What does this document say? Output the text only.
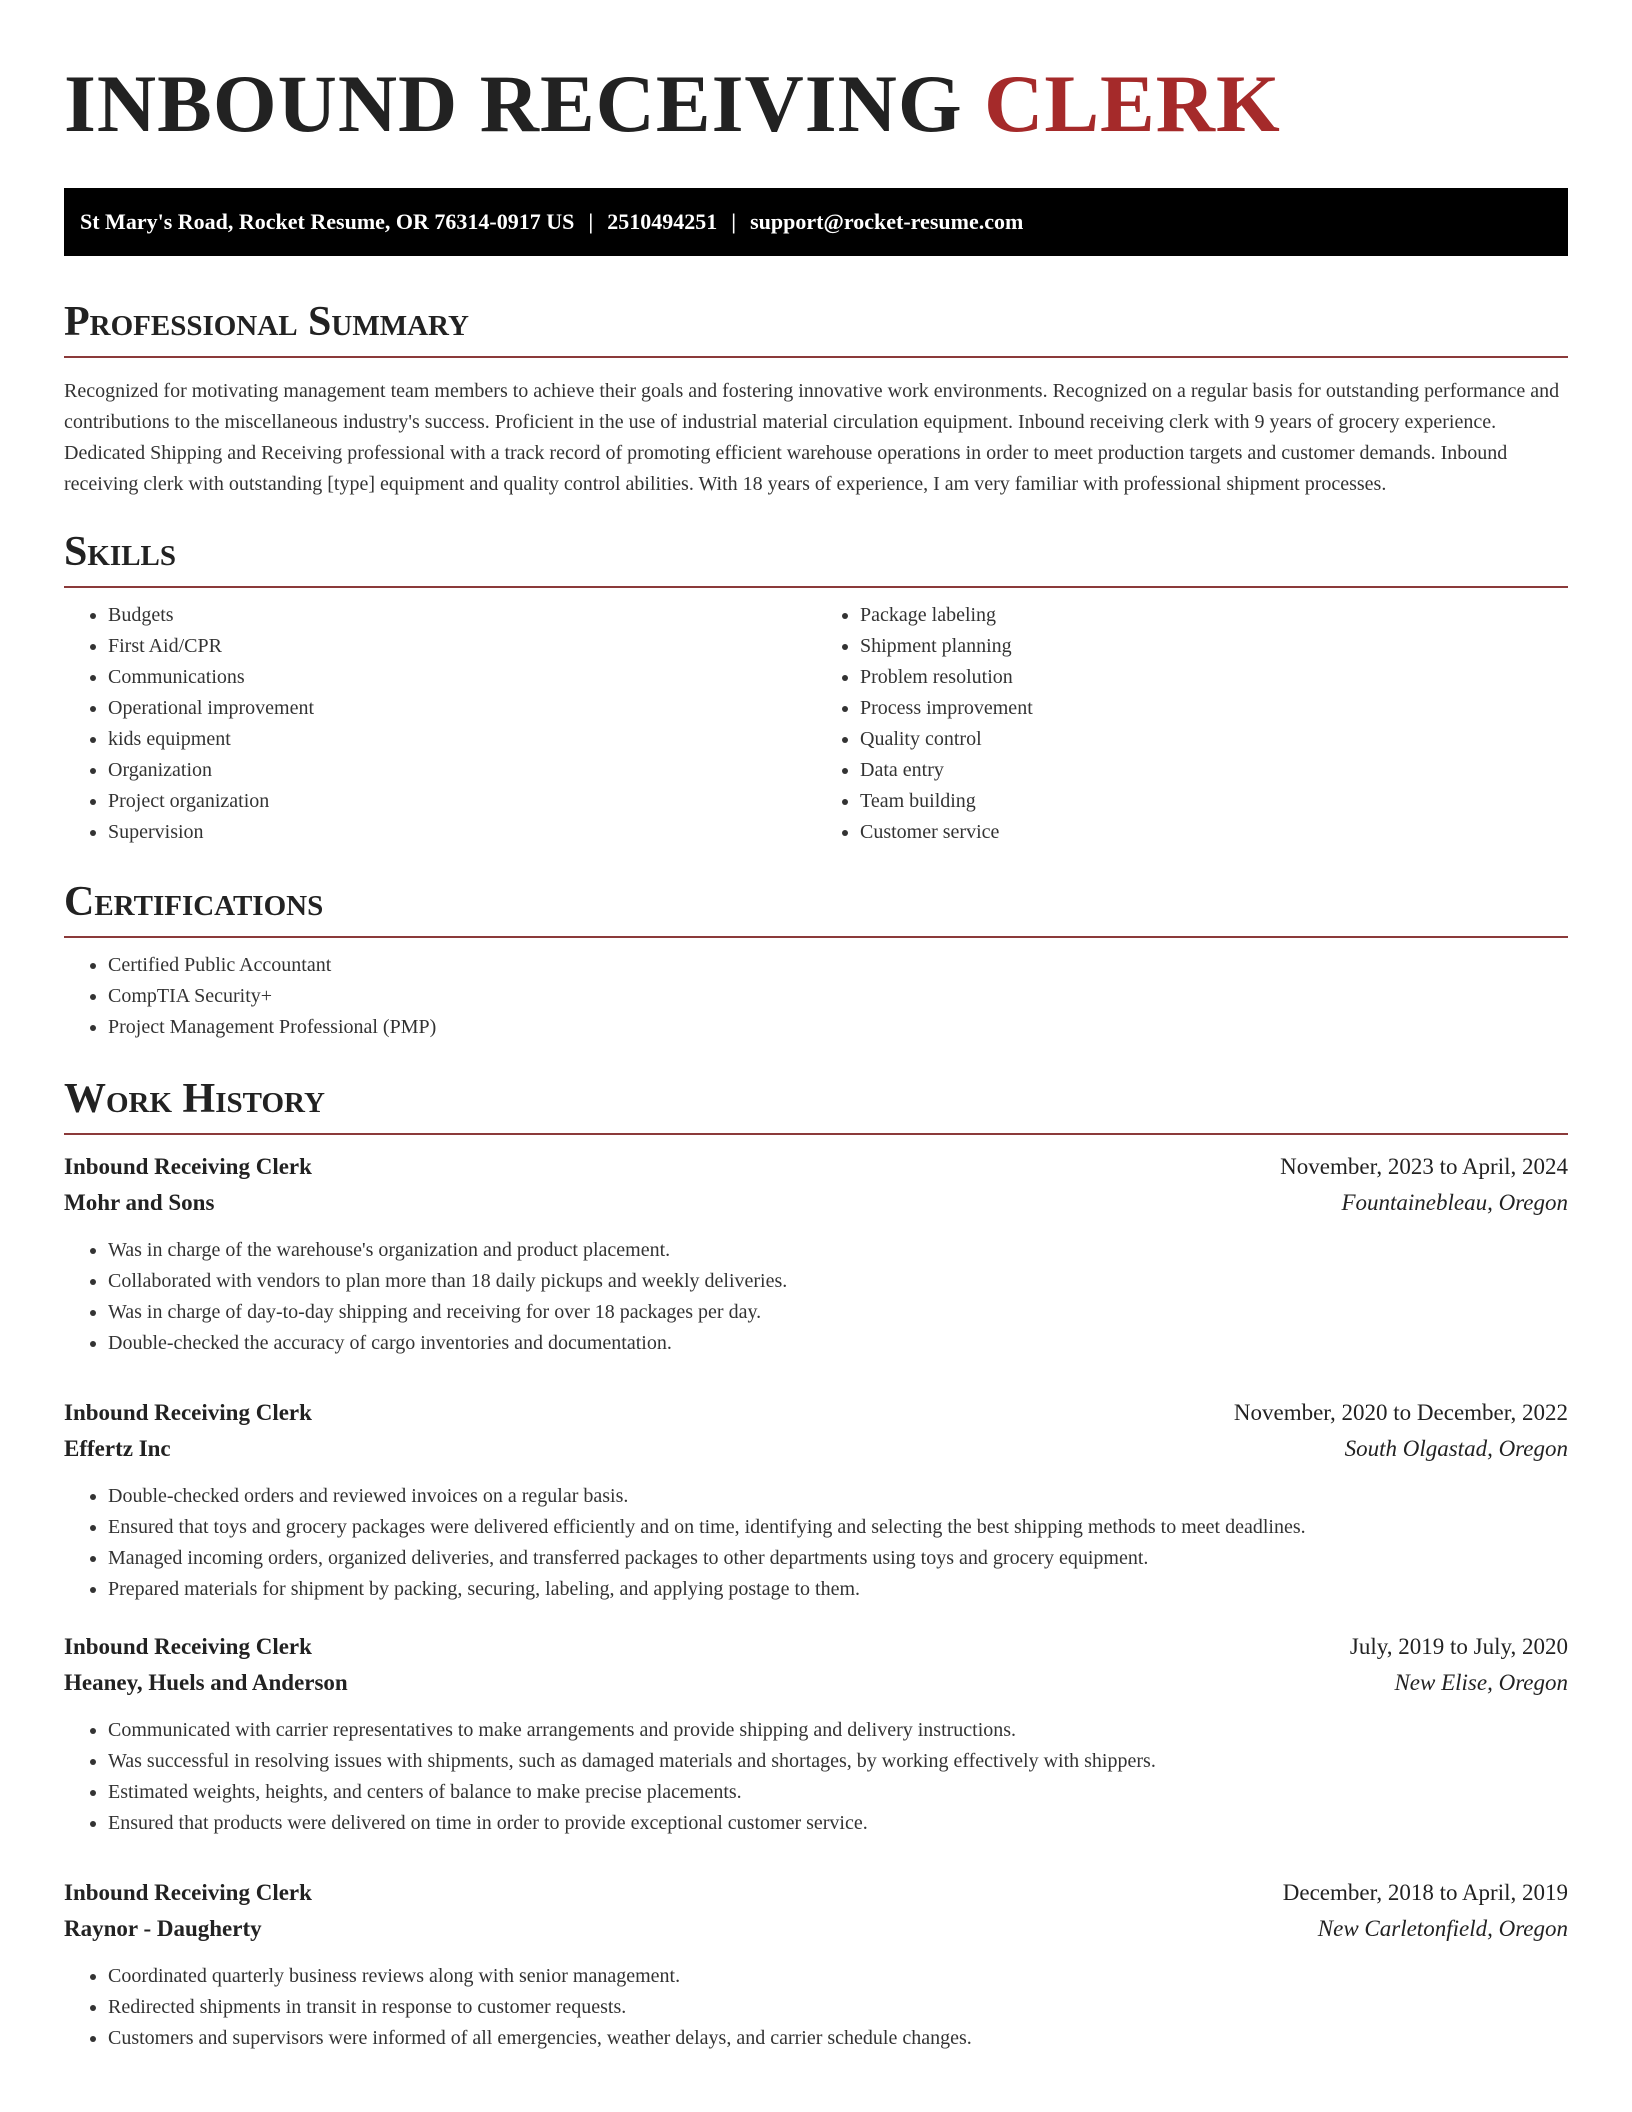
INBOUND RECEIVING CLERK
St Mary's Road, Rocket Resume, OR 76314-0917 US | 2510494251 | support@rocket-resume.com
Professional Summary

Recognized for motivating management team members to achieve their goals and fostering innovative work environments. Recognized on a regular basis for outstanding performance and contributions to the miscellaneous industry's success. Proficient in the use of industrial material circulation equipment. Inbound receiving clerk with 9 years of grocery experience. Dedicated Shipping and Receiving professional with a track record of promoting efficient warehouse operations in order to meet production targets and customer demands. Inbound receiving clerk with outstanding [type] equipment and quality control abilities. With 18 years of experience, I am very familiar with professional shipment processes.

Skills
• Budgets
• First Aid/CPR
• Communications
• Operational improvement
• kids equipment
• Organization
• Project organization
• Supervision
• Package labeling
• Shipment planning
• Problem resolution
• Process improvement
• Quality control
• Data entry
• Team building
• Customer service
Certifications
• Certified Public Accountant
• CompTIA Security+
• Project Management Professional (PMP)
Work History
Inbound Receiving Clerk	November, 2023 to April, 2024
Mohr and Sons	Fountainebleau, Oregon
• Was in charge of the warehouse's organization and product placement.
• Collaborated with vendors to plan more than 18 daily pickups and weekly deliveries.
• Was in charge of day-to-day shipping and receiving for over 18 packages per day.
• Double-checked the accuracy of cargo inventories and documentation.
Inbound Receiving Clerk	November, 2020 to December, 2022
Effertz Inc	South Olgastad, Oregon
• Double-checked orders and reviewed invoices on a regular basis.
• Ensured that toys and grocery packages were delivered efficiently and on time, identifying and selecting the best shipping methods to meet deadlines.
• Managed incoming orders, organized deliveries, and transferred packages to other departments using toys and grocery equipment.
• Prepared materials for shipment by packing, securing, labeling, and applying postage to them.
Inbound Receiving Clerk	July, 2019 to July, 2020
Heaney, Huels and Anderson	New Elise, Oregon
• Communicated with carrier representatives to make arrangements and provide shipping and delivery instructions.
• Was successful in resolving issues with shipments, such as damaged materials and shortages, by working effectively with shippers.
• Estimated weights, heights, and centers of balance to make precise placements.
• Ensured that products were delivered on time in order to provide exceptional customer service.
Inbound Receiving Clerk	December, 2018 to April, 2019
Raynor - Daugherty	New Carletonfield, Oregon
• Coordinated quarterly business reviews along with senior management.
• Redirected shipments in transit in response to customer requests.
• Customers and supervisors were informed of all emergencies, weather delays, and carrier schedule changes.
